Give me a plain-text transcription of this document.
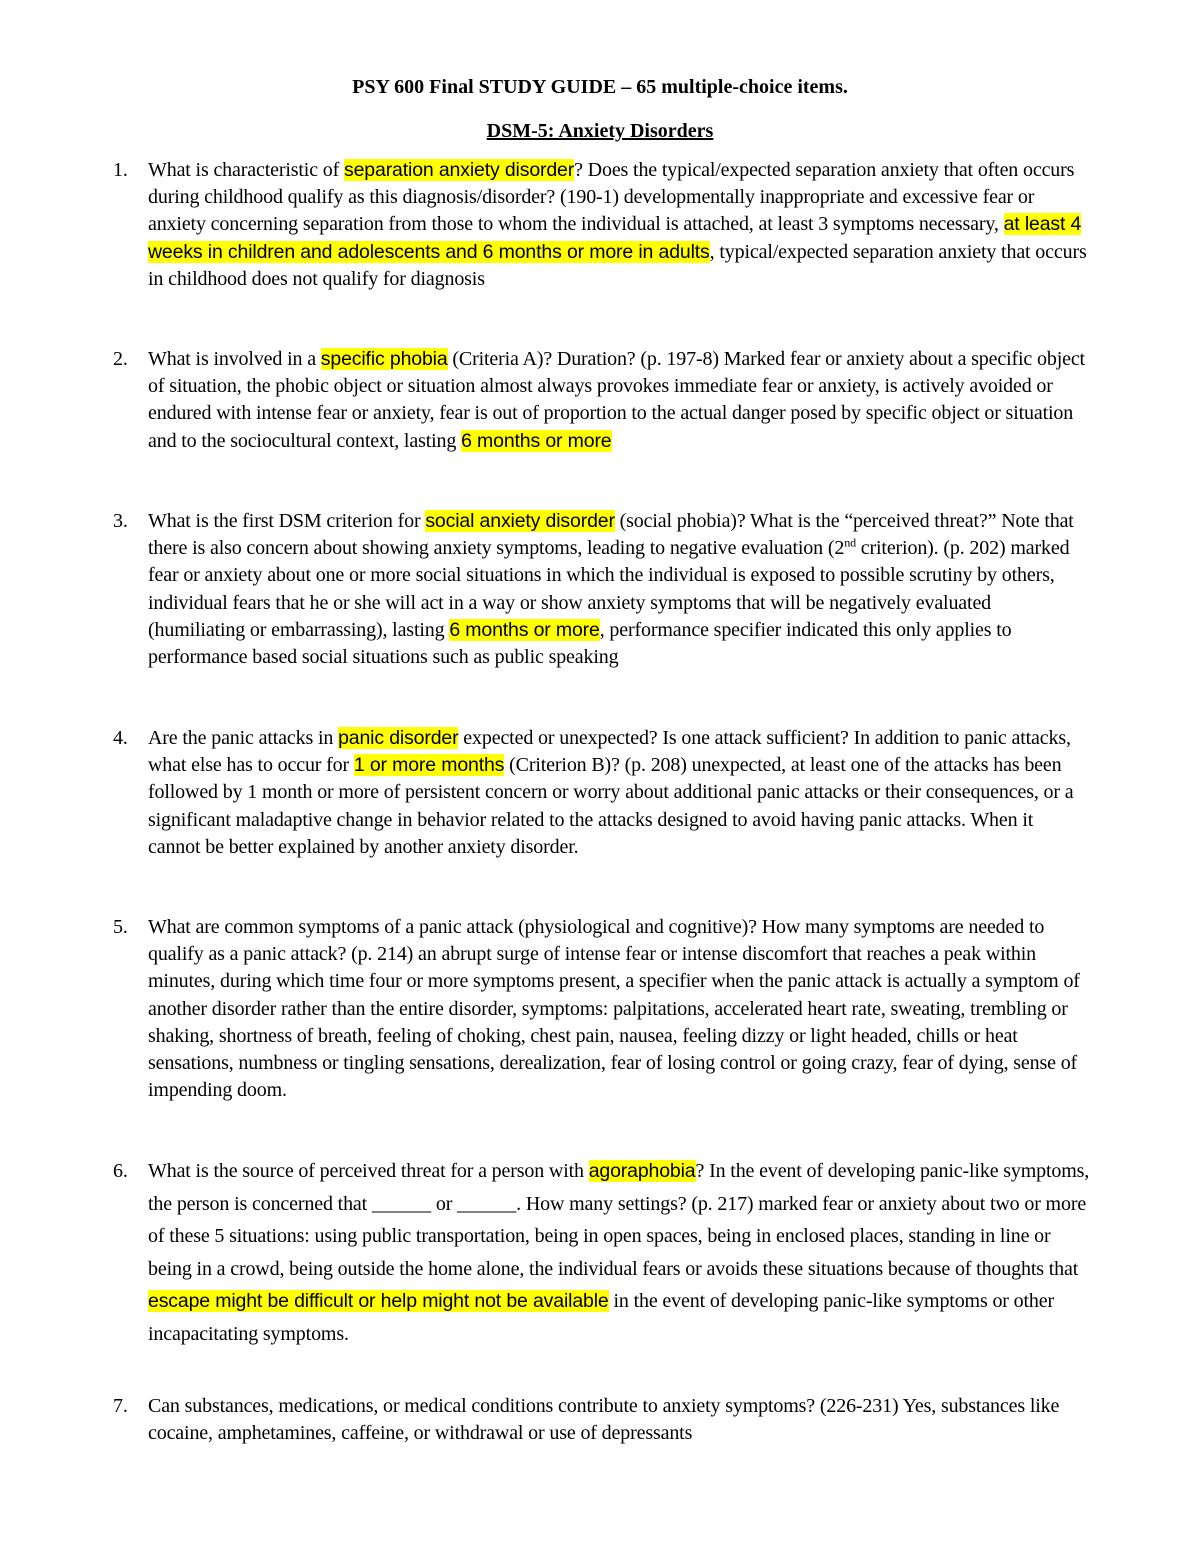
PSY 600 Final STUDY GUIDE – 65 multiple-choice items.
DSM-5: Anxiety Disorders
1. What is characteristic of separation anxiety disorder? Does the typical/expected separation anxiety that often occurs during childhood qualify as this diagnosis/disorder? (190-1) developmentally inappropriate and excessive fear or anxiety concerning separation from those to whom the individual is attached, at least 3 symptoms necessary, at least 4 weeks in children and adolescents and 6 months or more in adults, typical/expected separation anxiety that occurs in childhood does not qualify for diagnosis
2. What is involved in a specific phobia (Criteria A)? Duration? (p. 197-8) Marked fear or anxiety about a specific object of situation, the phobic object or situation almost always provokes immediate fear or anxiety, is actively avoided or endured with intense fear or anxiety, fear is out of proportion to the actual danger posed by specific object or situation and to the sociocultural context, lasting 6 months or more
3. What is the first DSM criterion for social anxiety disorder (social phobia)? What is the “perceived threat?” Note that there is also concern about showing anxiety symptoms, leading to negative evaluation (2nd criterion). (p. 202) marked fear or anxiety about one or more social situations in which the individual is exposed to possible scrutiny by others, individual fears that he or she will act in a way or show anxiety symptoms that will be negatively evaluated (humiliating or embarrassing), lasting 6 months or more, performance specifier indicated this only applies to performance based social situations such as public speaking
4. Are the panic attacks in panic disorder expected or unexpected? Is one attack sufficient? In addition to panic attacks, what else has to occur for 1 or more months (Criterion B)? (p. 208) unexpected, at least one of the attacks has been followed by 1 month or more of persistent concern or worry about additional panic attacks or their consequences, or a significant maladaptive change in behavior related to the attacks designed to avoid having panic attacks. When it cannot be better explained by another anxiety disorder.
5. What are common symptoms of a panic attack (physiological and cognitive)? How many symptoms are needed to qualify as a panic attack? (p. 214) an abrupt surge of intense fear or intense discomfort that reaches a peak within minutes, during which time four or more symptoms present, a specifier when the panic attack is actually a symptom of another disorder rather than the entire disorder, symptoms: palpitations, accelerated heart rate, sweating, trembling or shaking, shortness of breath, feeling of choking, chest pain, nausea, feeling dizzy or light headed, chills or heat sensations, numbness or tingling sensations, derealization, fear of losing control or going crazy, fear of dying, sense of impending doom.
6. What is the source of perceived threat for a person with agoraphobia? In the event of developing panic-like symptoms, the person is concerned that ______ or ______. How many settings? (p. 217) marked fear or anxiety about two or more of these 5 situations: using public transportation, being in open spaces, being in enclosed places, standing in line or being in a crowd, being outside the home alone, the individual fears or avoids these situations because of thoughts that escape might be difficult or help might not be available in the event of developing panic-like symptoms or other incapacitating symptoms.
7. Can substances, medications, or medical conditions contribute to anxiety symptoms? (226-231) Yes, substances like cocaine, amphetamines, caffeine, or withdrawal or use of depressants
